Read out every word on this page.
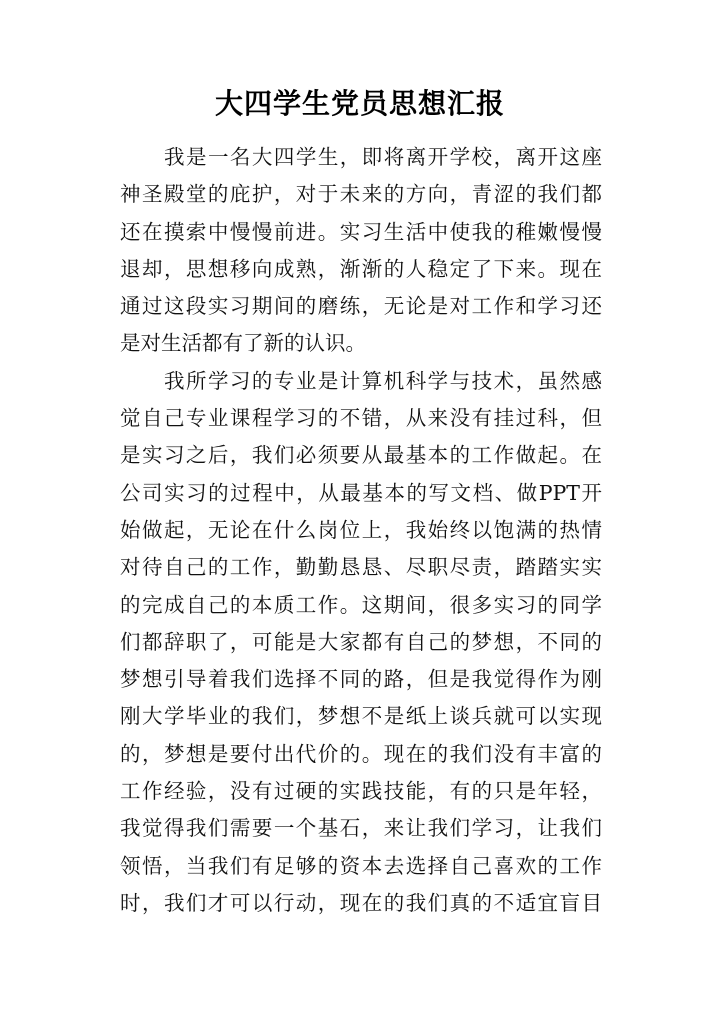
大四学生党员思想汇报
我是一名大四学生，即将离开学校，离开这座
神圣殿堂的庇护，对于未来的方向，青涩的我们都
还在摸索中慢慢前进。实习生活中使我的稚嫩慢慢
退却，思想移向成熟，渐渐的人稳定了下来。现在
通过这段实习期间的磨练，无论是对工作和学习还
是对生活都有了新的认识。
我所学习的专业是计算机科学与技术，虽然感
觉自己专业课程学习的不错，从来没有挂过科，但
是实习之后，我们必须要从最基本的工作做起。在
公司实习的过程中，从最基本的写文档、做PPT开
始做起，无论在什么岗位上，我始终以饱满的热情
对待自己的工作，勤勤恳恳、尽职尽责，踏踏实实
的完成自己的本质工作。这期间，很多实习的同学
们都辞职了，可能是大家都有自己的梦想，不同的
梦想引导着我们选择不同的路，但是我觉得作为刚
刚大学毕业的我们，梦想不是纸上谈兵就可以实现
的，梦想是要付出代价的。现在的我们没有丰富的
工作经验，没有过硬的实践技能，有的只是年轻，
我觉得我们需要一个基石，来让我们学习，让我们
领悟，当我们有足够的资本去选择自己喜欢的工作
时，我们才可以行动，现在的我们真的不适宜盲目
